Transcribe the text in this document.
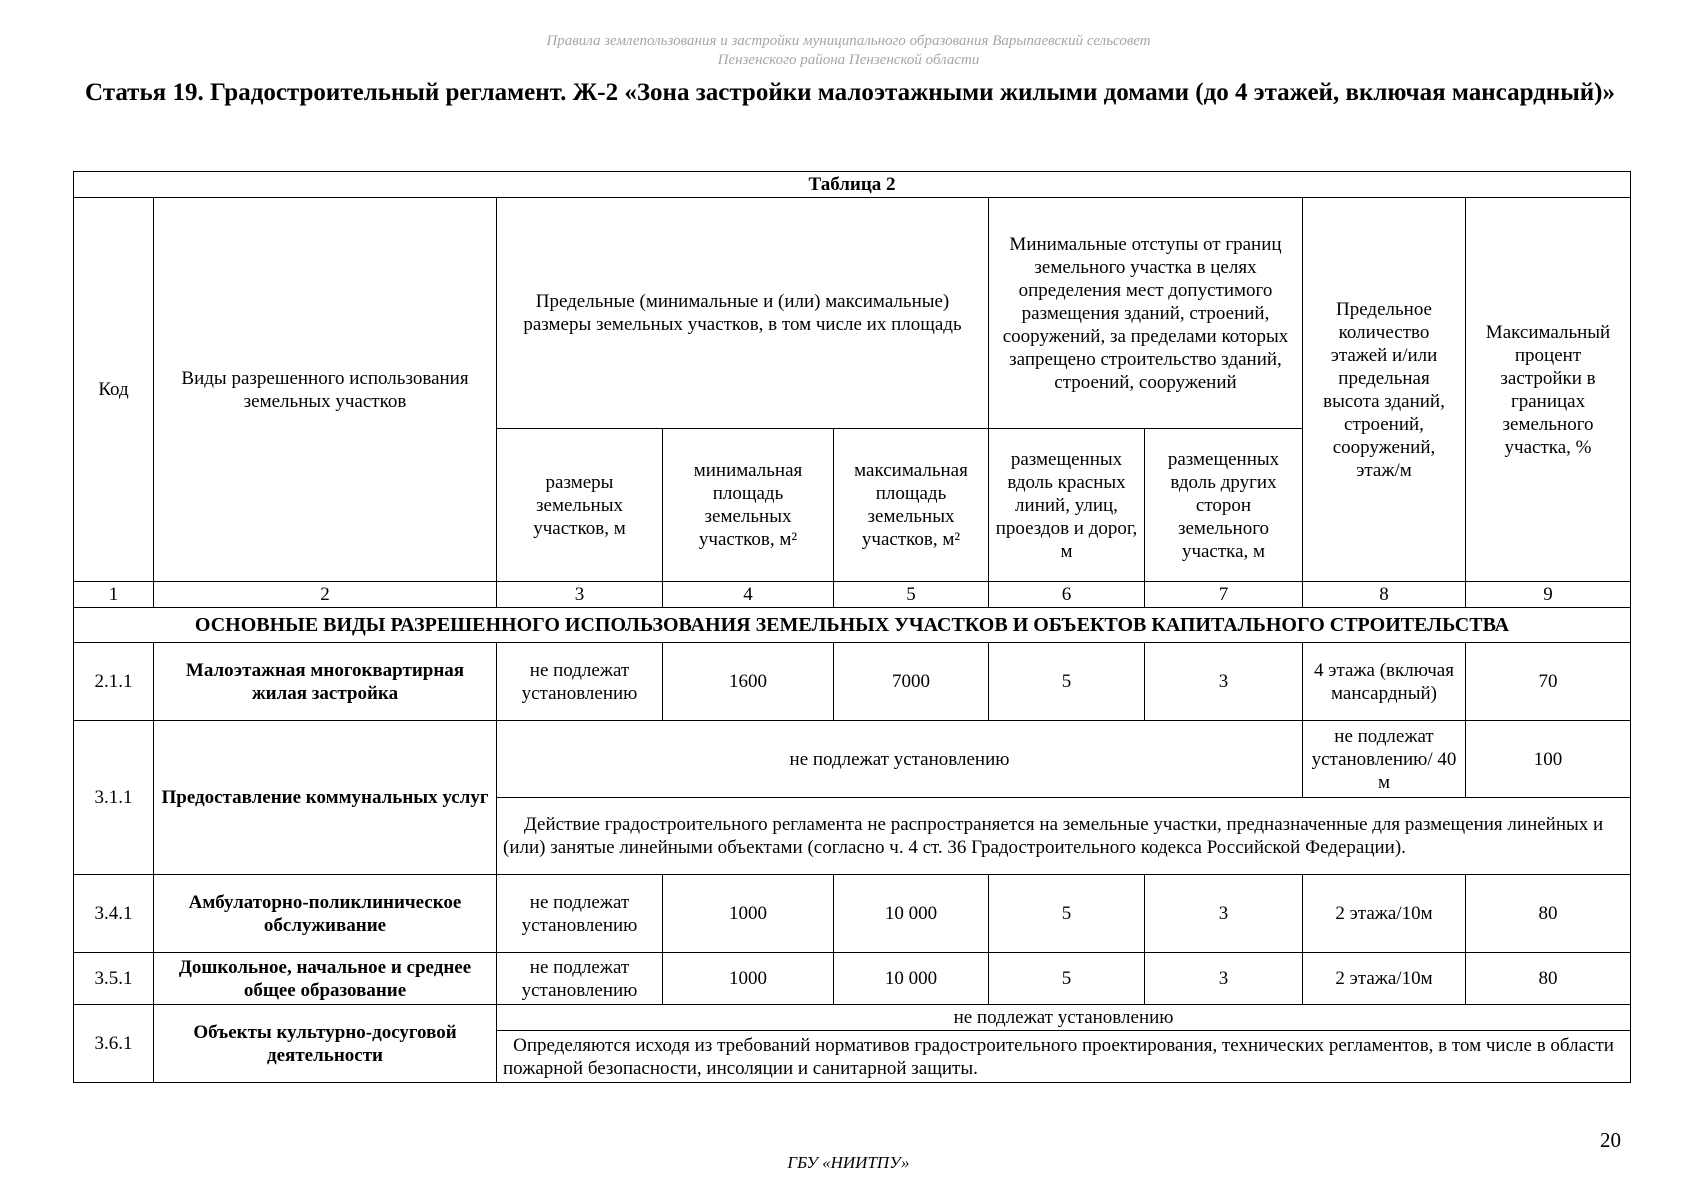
Правила землепользования и застройки муниципального образования Варыпаевский сельсовет
Пензенского района Пензенской области
Статья 19. Градостроительный регламент. Ж-2 «Зона застройки малоэтажными жилыми домами (до 4 этажей, включая мансардный)»
Таблица 2								
Код	Виды разрешенного использования земельных участков	Предельные (минимальные и (или) максимальные) размеры земельных участков, в том числе их площадь			Минимальные отступы от границ земельного участка в целях определения мест допустимого размещения зданий, строений, сооружений, за пределами которых запрещено строительство зданий, строений, сооружений		Предельное количество этажей и/или предельная высота зданий, строений, сооружений, этаж/м	Максимальный процент застройки в границах земельного участка, %
		размеры земельных участков, м	минимальная площадь земельных участков, м²	максимальная площадь земельных участков, м²	размещенных вдоль красных линий, улиц, проездов и дорог, м	размещенных вдоль других сторон земельного участка, м		
1	2	3	4	5	6	7	8	9
ОСНОВНЫЕ ВИДЫ РАЗРЕШЕННОГО ИСПОЛЬЗОВАНИЯ ЗЕМЕЛЬНЫХ УЧАСТКОВ И ОБЪЕКТОВ КАПИТАЛЬНОГО СТРОИТЕЛЬСТВА								
2.1.1	Малоэтажная многоквартирная жилая застройка	не подлежат установлению	1600	7000	5	3	4 этажа (включая мансардный)	70
3.1.1	Предоставление коммунальных услуг	не подлежат установлению					не подлежат установлению/ 40 м	100
		Действие градостроительного регламента не распространяется на земельные участки, предназначенные для размещения линейных и (или) занятые линейными объектами (согласно ч. 4 ст. 36 Градостроительного кодекса Российской Федерации).						
3.4.1	Амбулаторно-поликлиническое обслуживание	не подлежат установлению	1000	10 000	5	3	2 этажа/10м	80
3.5.1	Дошкольное, начальное и среднее общее образование	не подлежат установлению	1000	10 000	5	3	2 этажа/10м	80
3.6.1	Объекты культурно-досуговой деятельности	не подлежат установлению						
		Определяются исходя из требований нормативов градостроительного проектирования, технических регламентов, в том числе в области пожарной безопасности, инсоляции и санитарной защиты.						
20
ГБУ «НИИТПУ»
